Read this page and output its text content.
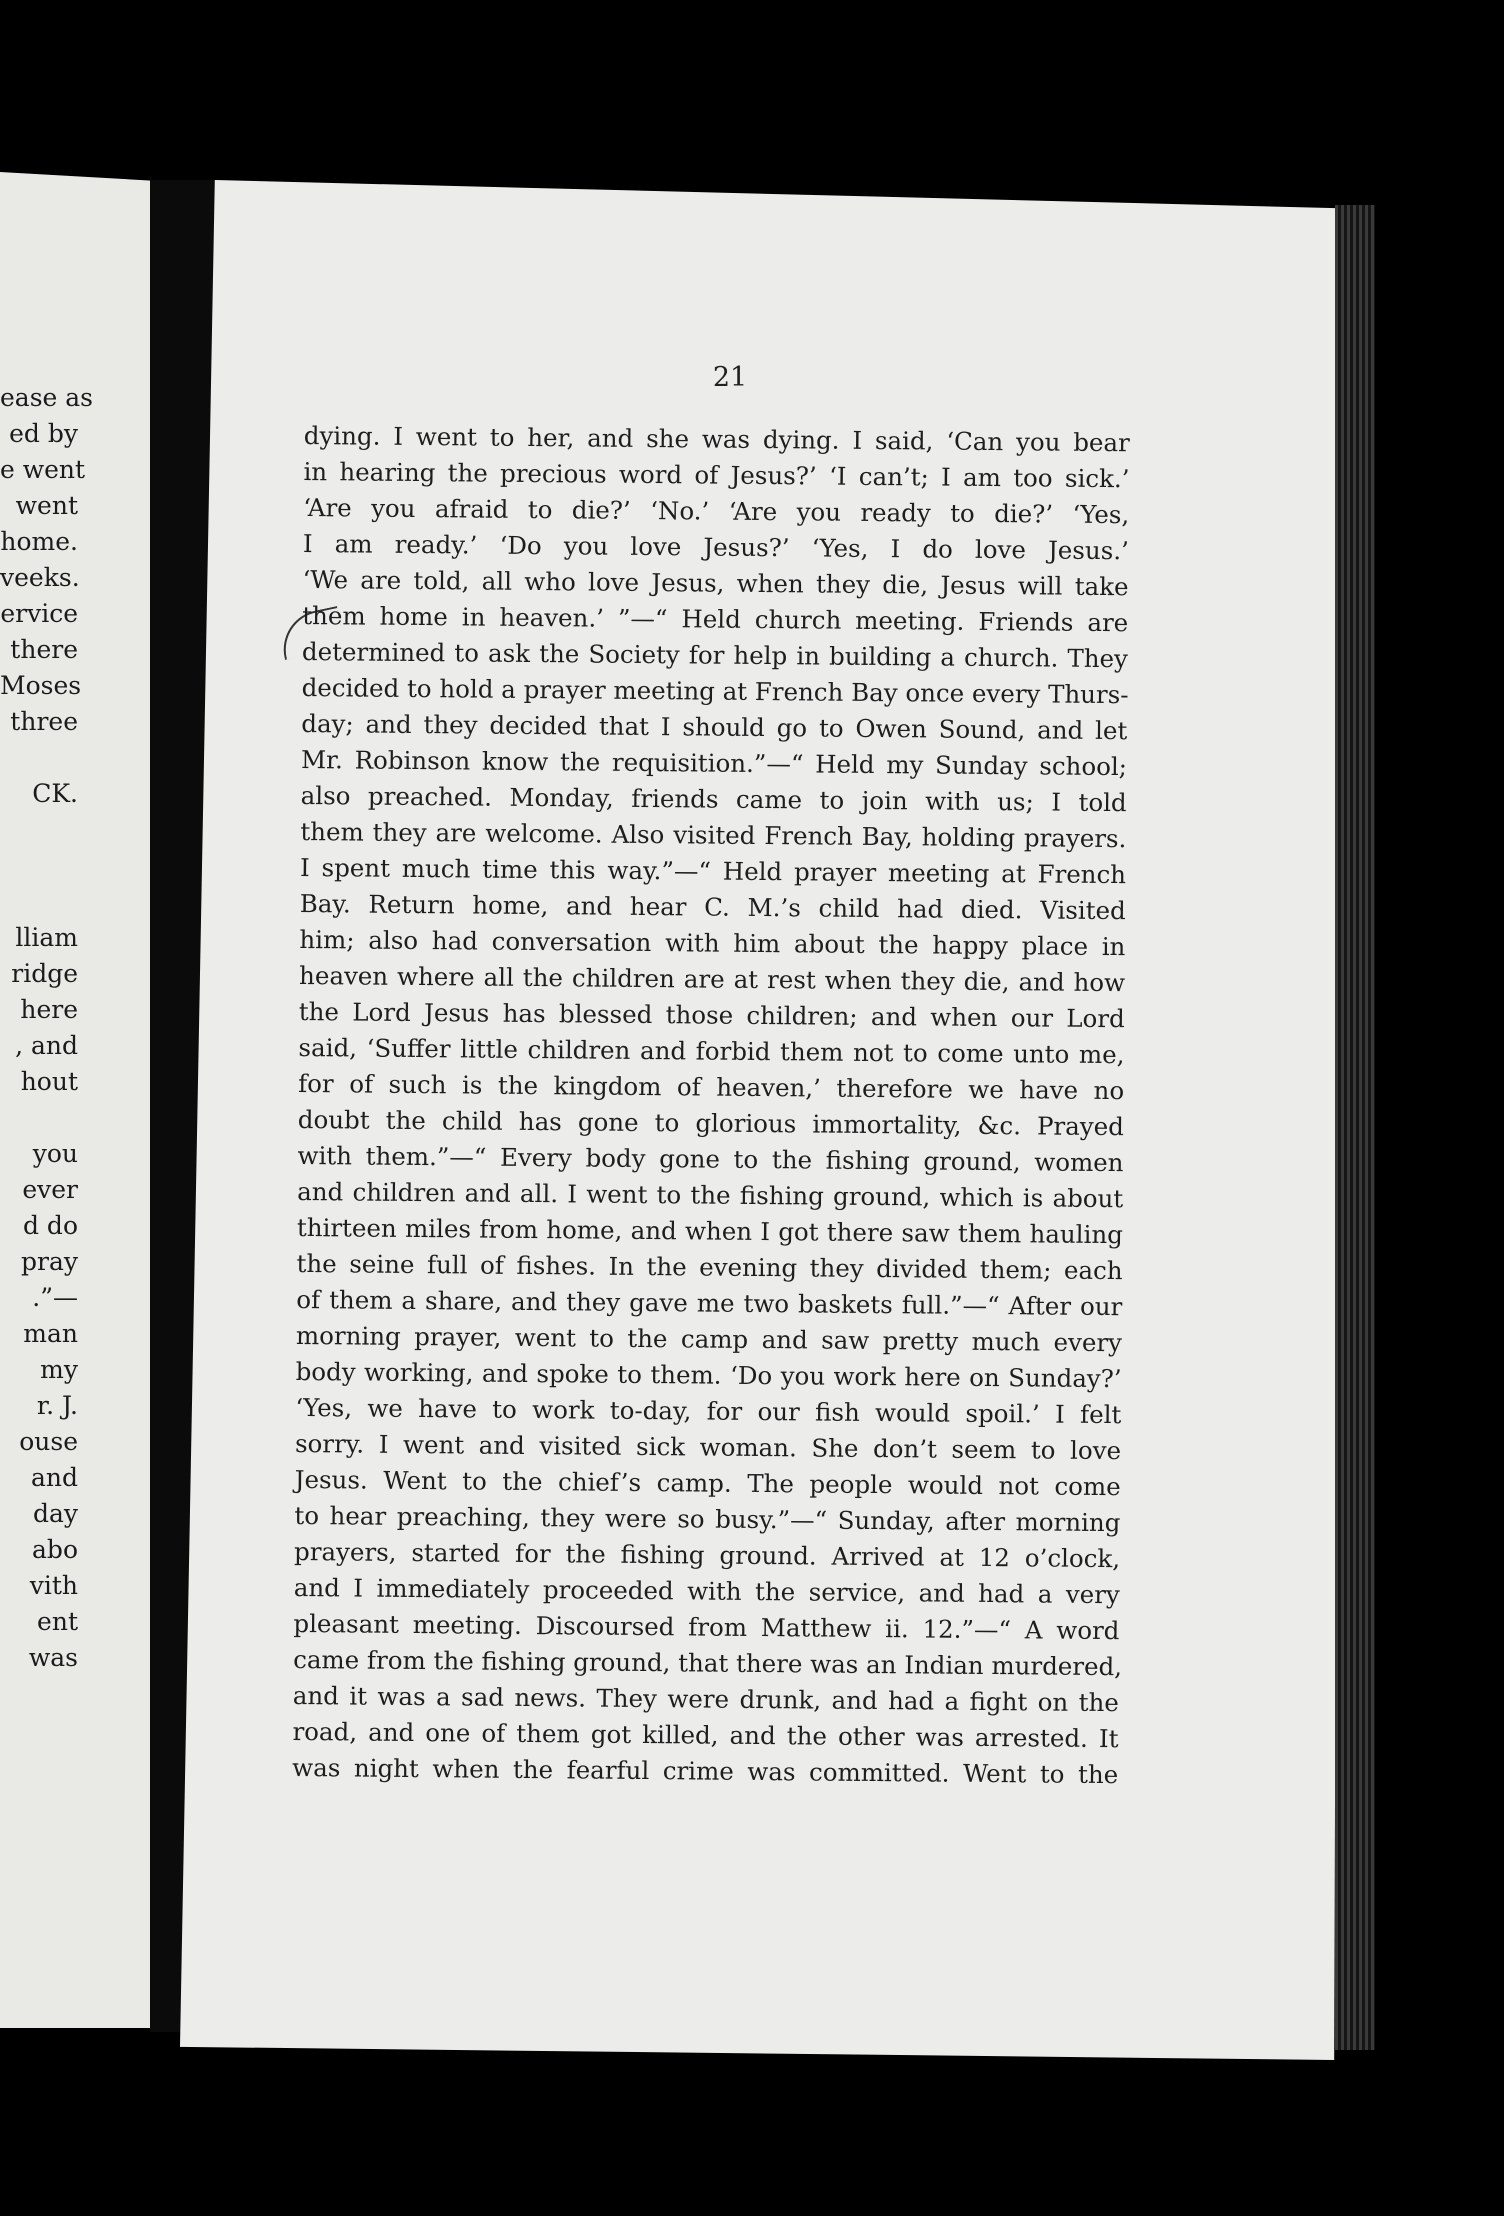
ease as
ed by
e went
went
home.
veeks.
ervice
there
Moses
three
CK.
lliam
ridge
here
, and
hout
you
ever
d do
pray
.”—
man
my
r. J.
ouse
and
day
abo
vith
ent
was
21
dying. I went to her, and she was dying. I said, ‘Can you bear
in hearing the precious word of Jesus?’ ‘I can’t; I am too sick.’
‘Are you afraid to die?’ ‘No.’ ‘Are you ready to die?’ ‘Yes,
I am ready.’ ‘Do you love Jesus?’ ‘Yes, I do love Jesus.’
‘We are told, all who love Jesus, when they die, Jesus will take
them home in heaven.’ ”—“ Held church meeting. Friends are
determined to ask the Society for help in building a church. They
decided to hold a prayer meeting at French Bay once every Thurs-
day; and they decided that I should go to Owen Sound, and let
Mr. Robinson know the requisition.”—“ Held my Sunday school;
also preached. Monday, friends came to join with us; I told
them they are welcome. Also visited French Bay, holding prayers.
I spent much time this way.”—“ Held prayer meeting at French
Bay. Return home, and hear C. M.’s child had died. Visited
him; also had conversation with him about the happy place in
heaven where all the children are at rest when they die, and how
the Lord Jesus has blessed those children; and when our Lord
said, ‘Suffer little children and forbid them not to come unto me,
for of such is the kingdom of heaven,’ therefore we have no
doubt the child has gone to glorious immortality, &c. Prayed
with them.”—“ Every body gone to the fishing ground, women
and children and all. I went to the fishing ground, which is about
thirteen miles from home, and when I got there saw them hauling
the seine full of fishes. In the evening they divided them; each
of them a share, and they gave me two baskets full.”—“ After our
morning prayer, went to the camp and saw pretty much every
body working, and spoke to them. ‘Do you work here on Sunday?’
‘Yes, we have to work to-day, for our fish would spoil.’ I felt
sorry. I went and visited sick woman. She don’t seem to love
Jesus. Went to the chief’s camp. The people would not come
to hear preaching, they were so busy.”—“ Sunday, after morning
prayers, started for the fishing ground. Arrived at 12 o’clock,
and I immediately proceeded with the service, and had a very
pleasant meeting. Discoursed from Matthew ii. 12.”—“ A word
came from the fishing ground, that there was an Indian murdered,
and it was a sad news. They were drunk, and had a fight on the
road, and one of them got killed, and the other was arrested. It
was night when the fearful crime was committed. Went to the
